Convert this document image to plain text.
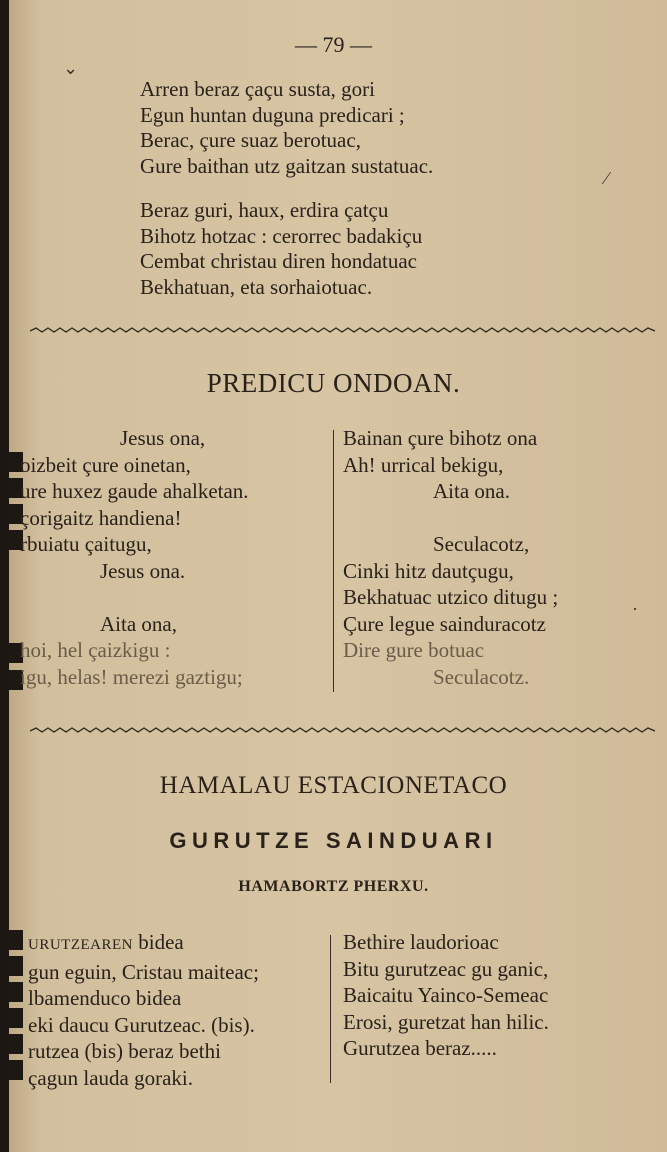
— 79 —
Arren beraz çaçu susta, gori
Egun huntan duguna predicari ;
Berac, çure suaz berotuac,
Gure baithan utz gaitzan sustatuac.
Beraz guri, haux, erdira çatçu
Bihotz hotzac : cerorrec badakiçu
Cembat christau diren hondatuac
Bekhatuan, eta sorhaiotuac.
PREDICU ONDOAN.
Jesus ona,
oizbeit çure oinetan,
ure huxez gaude ahalketan.
çorigaitz handiena!
rbuiatu çaitugu,
Jesus ona.
Aita ona,
hoi, hel çaizkigu :
igu, helas! merezi gaztigu;
Bainan çure bihotz ona
Ah! urrical bekigu,
Aita ona.
Seculacotz,
Cinki hitz dautçugu,
Bekhatuac utzico ditugu ;
Çure legue sainduracotz
Dire gure botuac
Seculacotz.
HAMALAU ESTACIONETACO
GURUTZE SAINDUARI
HAMABORTZ PHERXU.
URUTZEAREN bidea
gun eguin, Cristau maiteac;
lbamenduco bidea
eki daucu Gurutzeac. (bis).
rutzea (bis) beraz bethi
çagun lauda goraki.
Bethire laudorioac
Bitu gurutzeac gu ganic,
Baicaitu Yainco-Semeac
Erosi, guretzat han hilic.
Gurutzea beraz.....
⌄
⁄
·
